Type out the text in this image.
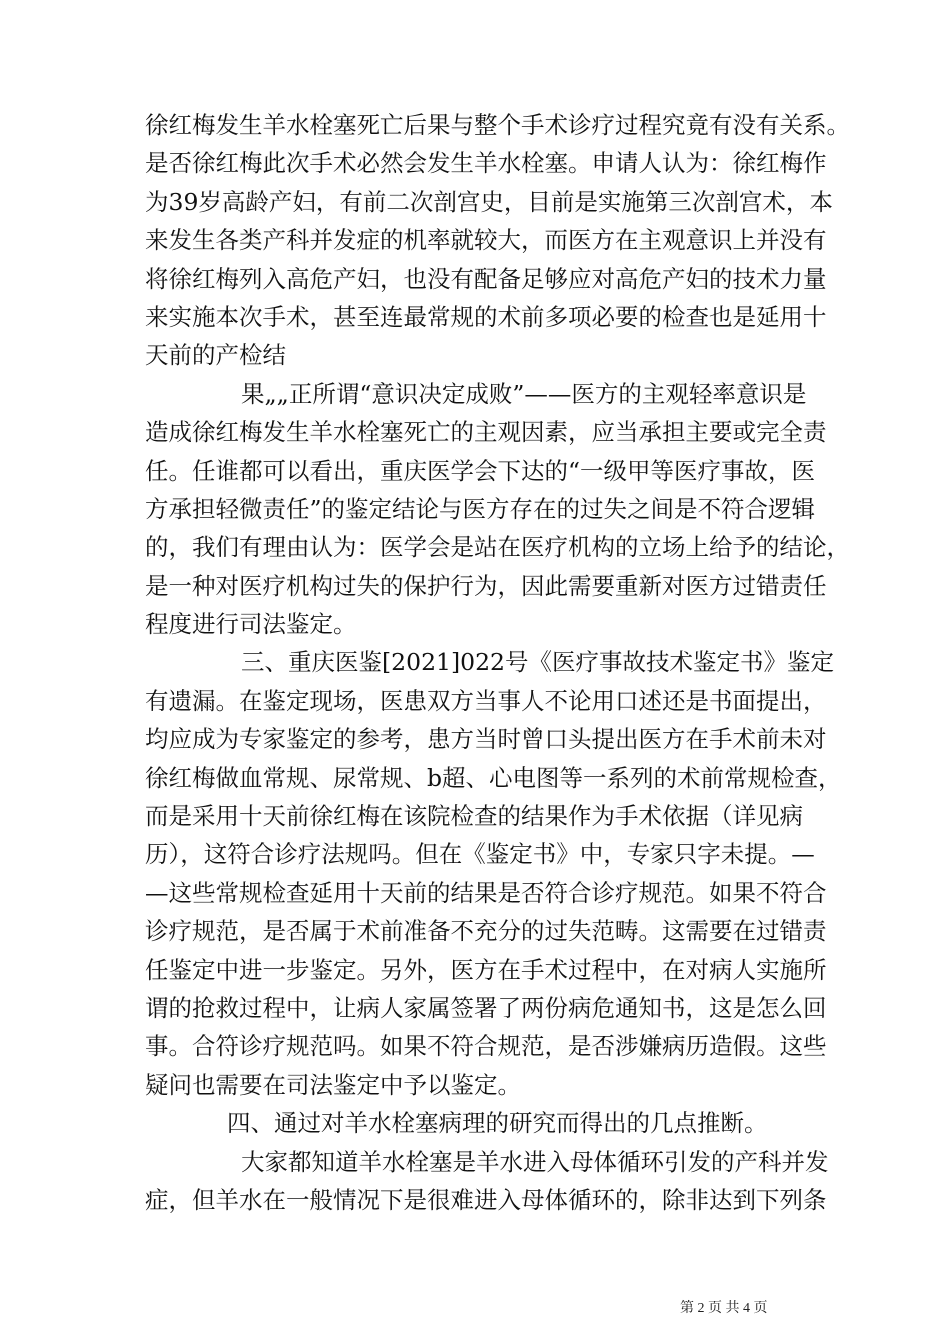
徐红梅发生羊水栓塞死亡后果与整个手术诊疗过程究竟有没有关系。
是否徐红梅此次手术必然会发生羊水栓塞。申请人认为：徐红梅作
为39岁高龄产妇，有前二次剖宫史，目前是实施第三次剖宫术，本
来发生各类产科并发症的机率就较大，而医方在主观意识上并没有
将徐红梅列入高危产妇，也没有配备足够应对高危产妇的技术力量
来实施本次手术，甚至连最常规的术前多项必要的检查也是延用十
天前的产检结
果„„正所谓“意识决定成败”——医方的主观轻率意识是
造成徐红梅发生羊水栓塞死亡的主观因素，应当承担主要或完全责
任。任谁都可以看出，重庆医学会下达的“一级甲等医疗事故，医
方承担轻微责任”的鉴定结论与医方存在的过失之间是不符合逻辑
的，我们有理由认为：医学会是站在医疗机构的立场上给予的结论，
是一种对医疗机构过失的保护行为，因此需要重新对医方过错责任
程度进行司法鉴定。
三、重庆医鉴[2021]022号《医疗事故技术鉴定书》鉴定
有遗漏。在鉴定现场，医患双方当事人不论用口述还是书面提出，
均应成为专家鉴定的参考，患方当时曾口头提出医方在手术前未对
徐红梅做血常规、尿常规、b超、心电图等一系列的术前常规检查，
而是采用十天前徐红梅在该院检查的结果作为手术依据（详见病
历），这符合诊疗法规吗。但在《鉴定书》中，专家只字未提。—
—这些常规检查延用十天前的结果是否符合诊疗规范。如果不符合
诊疗规范，是否属于术前准备不充分的过失范畴。这需要在过错责
任鉴定中进一步鉴定。另外，医方在手术过程中，在对病人实施所
谓的抢救过程中，让病人家属签署了两份病危通知书，这是怎么回
事。合符诊疗规范吗。如果不符合规范，是否涉嫌病历造假。这些
疑问也需要在司法鉴定中予以鉴定。
四、通过对羊水栓塞病理的研究而得出的几点推断。
大家都知道羊水栓塞是羊水进入母体循环引发的产科并发
症，但羊水在一般情况下是很难进入母体循环的，除非达到下列条
第 2 页 共 4 页
